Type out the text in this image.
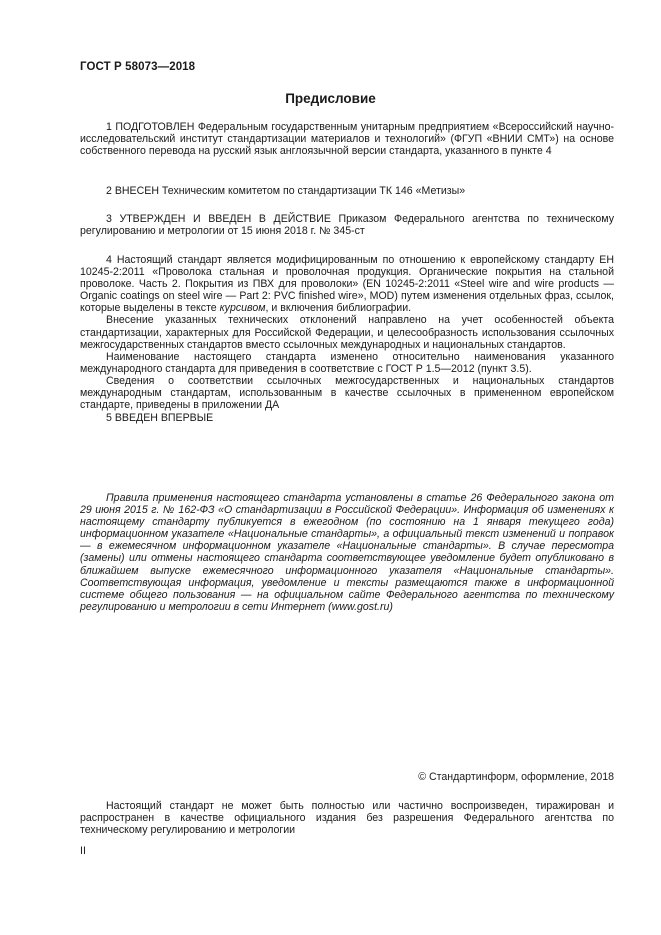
ГОСТ Р 58073—2018
Предисловие

1 ПОДГОТОВЛЕН Федеральным государственным унитарным предприятием «Всероссийский научно-исследовательский институт стандартизации материалов и технологий» (ФГУП «ВНИИ СМТ») на основе собственного перевода на русский язык англоязычной версии стандарта, указанного в пункте 4

2 ВНЕСЕН Техническим комитетом по стандартизации ТК 146 «Метизы»

3 УТВЕРЖДЕН И ВВЕДЕН В ДЕЙСТВИЕ Приказом Федерального агентства по техническому регулированию и метрологии от 15 июня 2018 г. № 345-ст

4 Настоящий стандарт является модифицированным по отношению к европейскому стандарту ЕН 10245-2:2011 «Проволока стальная и проволочная продукция. Органические покрытия на стальной проволоке. Часть 2. Покрытия из ПВХ для проволоки» (EN 10245-2:2011 «Steel wire and wire products — Organic coatings on steel wire — Part 2: PVC finished wire», MOD) путем изменения отдельных фраз, ссылок, которые выделены в тексте курсивом, и включения библиографии.

Внесение указанных технических отклонений направлено на учет особенностей объекта стандартизации, характерных для Российской Федерации, и целесообразность использования ссылочных межгосударственных стандартов вместо ссылочных международных и национальных стандартов.

Наименование настоящего стандарта изменено относительно наименования указанного международного стандарта для приведения в соответствие с ГОСТ Р 1.5—2012 (пункт 3.5).

Сведения о соответствии ссылочных межгосударственных и национальных стандартов международным стандартам, использованным в качестве ссылочных в примененном европейском стандарте, приведены в приложении ДА

5 ВВЕДЕН ВПЕРВЫЕ

Правила применения настоящего стандарта установлены в статье 26 Федерального закона от 29 июня 2015 г. № 162-ФЗ «О стандартизации в Российской Федерации». Информация об изменениях к настоящему стандарту публикуется в ежегодном (по состоянию на 1 января текущего года) информационном указателе «Национальные стандарты», а официальный текст изменений и поправок — в ежемесячном информационном указателе «Национальные стандарты». В случае пересмотра (замены) или отмены настоящего стандарта соответствующее уведомление будет опубликовано в ближайшем выпуске ежемесячного информационного указателя «Национальные стандарты». Соответствующая информация, уведомление и тексты размещаются также в информационной системе общего пользования — на официальном сайте Федерального агентства по техническому регулированию и метрологии в сети Интернет (www.gost.ru)

© Стандартинформ, оформление, 2018

Настоящий стандарт не может быть полностью или частично воспроизведен, тиражирован и распространен в качестве официального издания без разрешения Федерального агентства по техническому регулированию и метрологии

II
